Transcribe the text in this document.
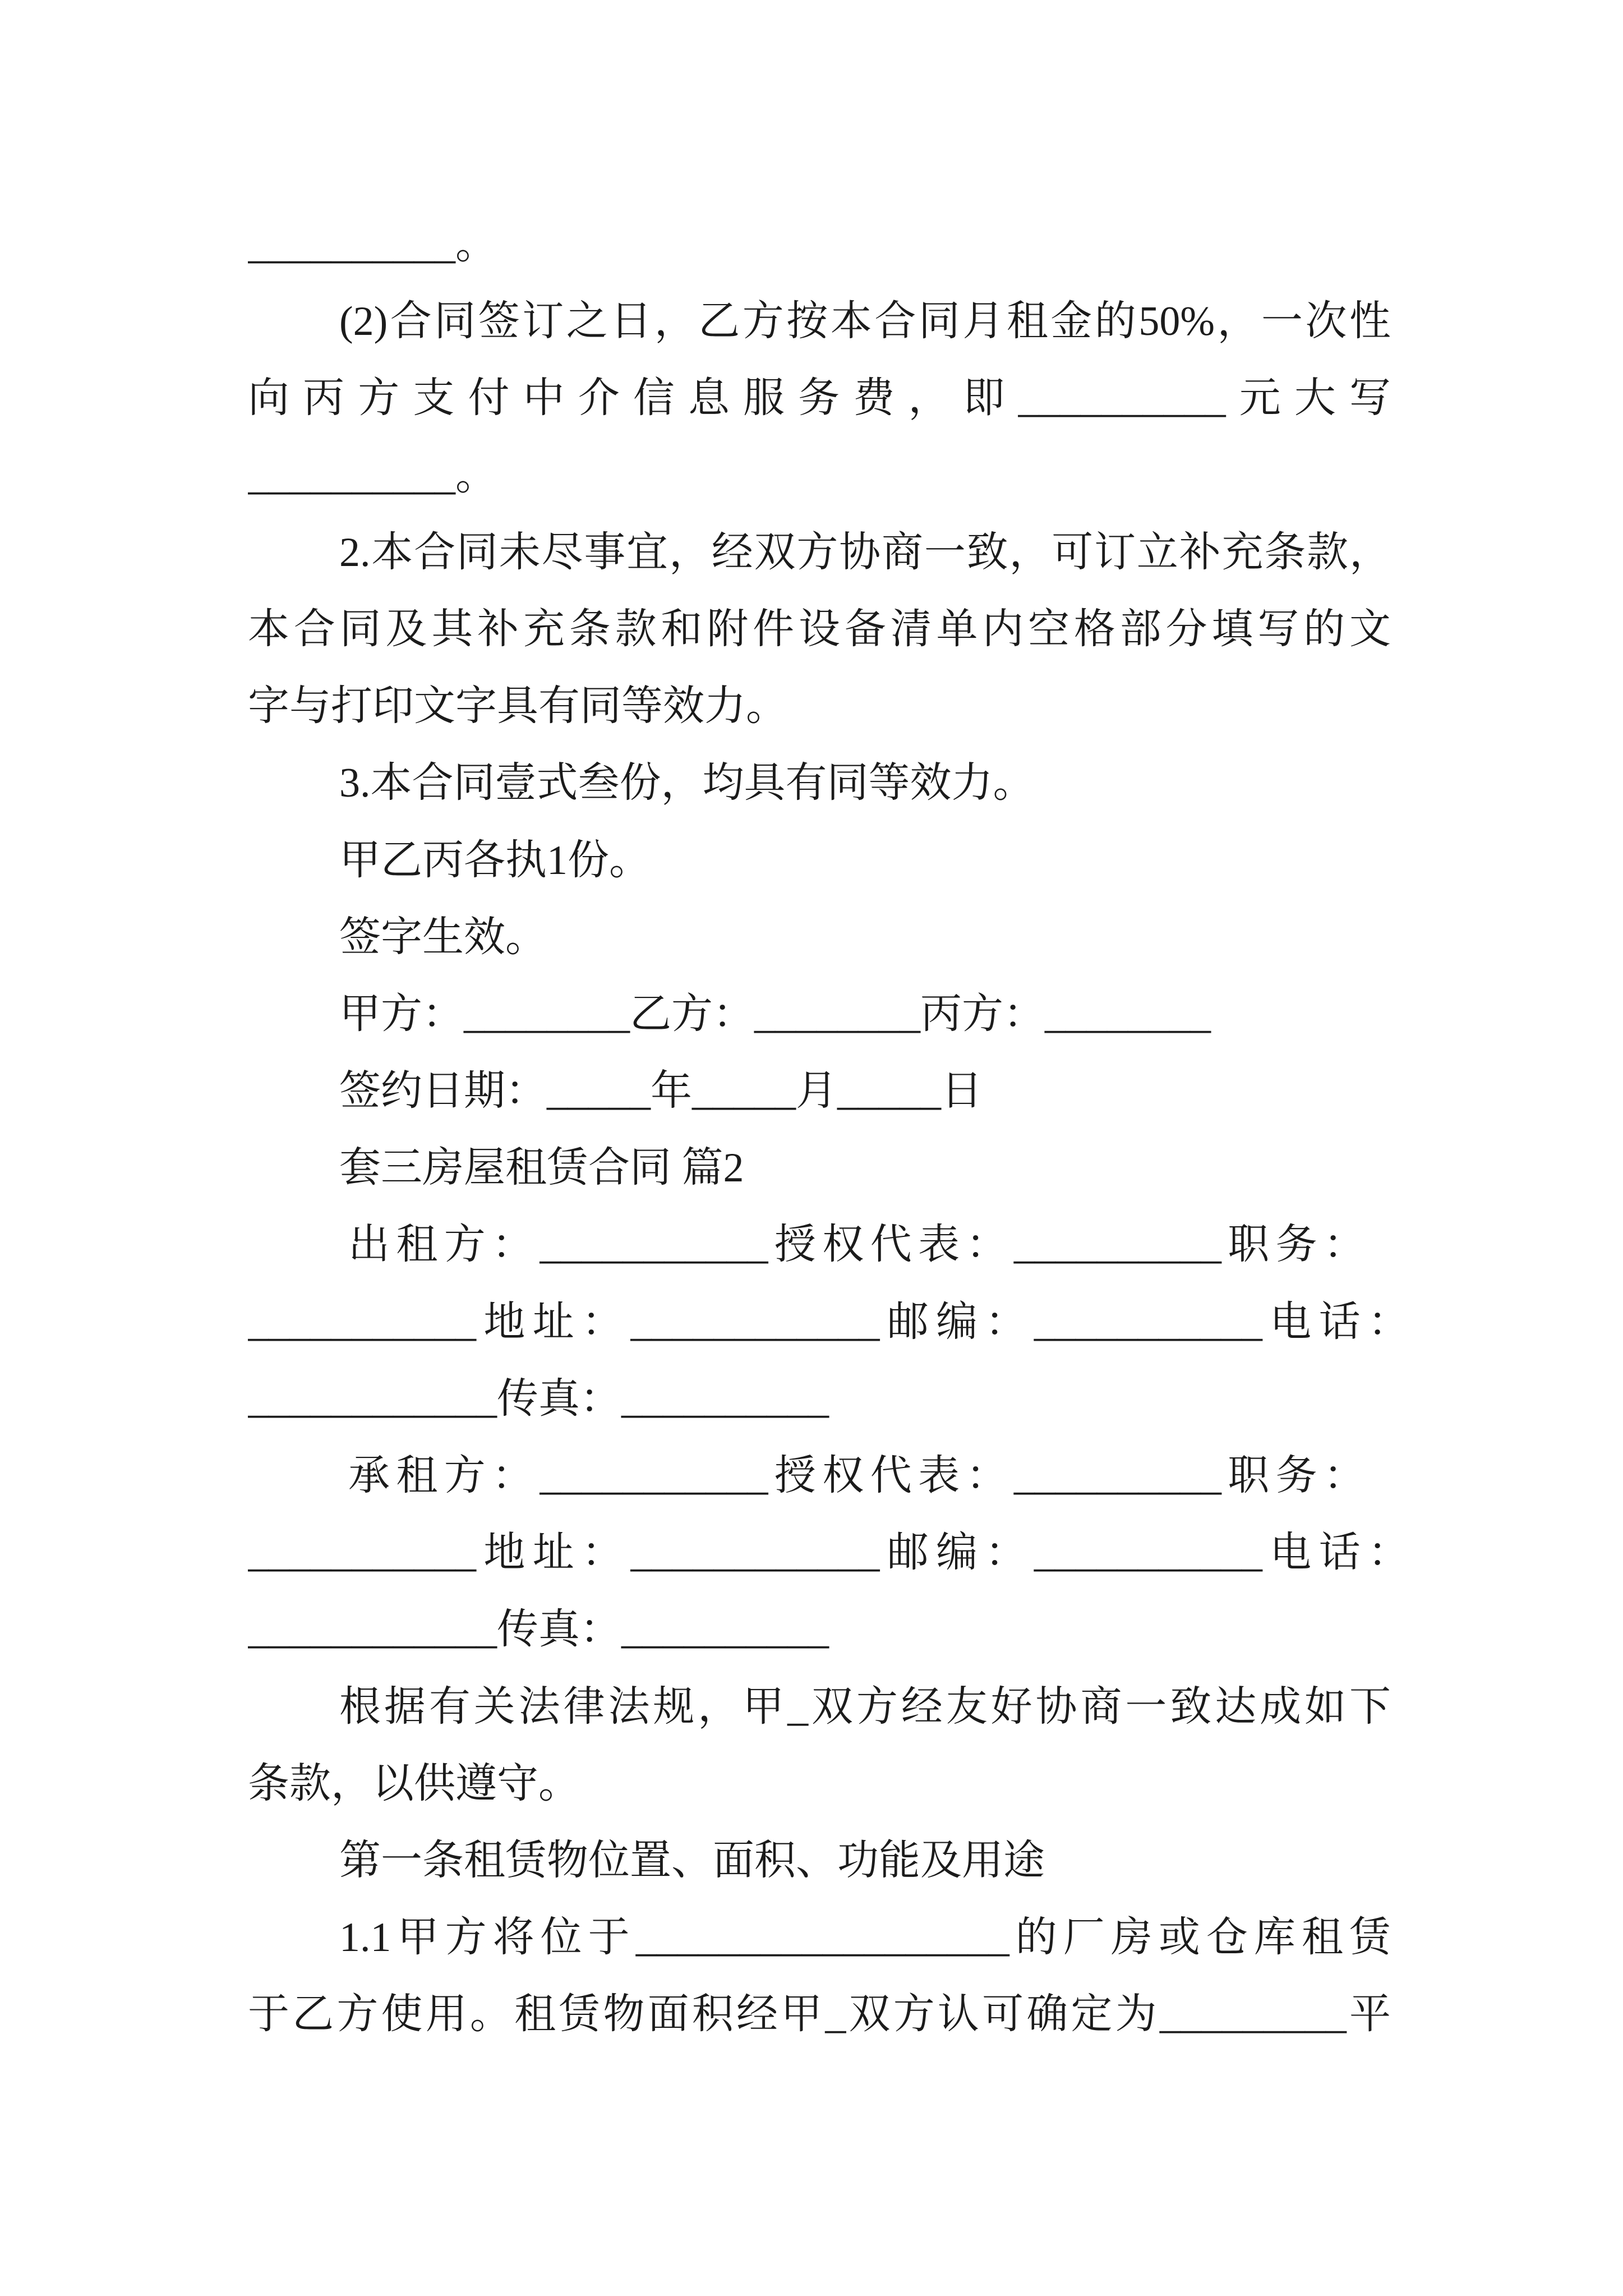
__________。
(2)合同签订之日，乙方按本合同月租金的50%，一次性
向丙方支付中介信息服务费，即__________元大写
__________。
2.本合同未尽事宜，经双方协商一致，可订立补充条款，
本合同及其补充条款和附件设备清单内空格部分填写的文
字与打印文字具有同等效力。
3.本合同壹式叁份，均具有同等效力。
甲乙丙各执1份。
签字生效。
甲方：________乙方：________丙方：________
签约日期：_____年_____月_____日
套三房屋租赁合同 篇2
出租方：___________授权代表：__________职务：
___________地址：____________邮编：___________电话：
____________传真：__________
承租方：___________授权代表：__________职务：
___________地址：____________邮编：___________电话：
____________传真：__________
根据有关法律法规，甲_双方经友好协商一致达成如下
条款，以供遵守。
第一条租赁物位置、面积、功能及用途
1.1甲方将位于__________________的厂房或仓库租赁
于乙方使用。租赁物面积经甲_双方认可确定为_________平
